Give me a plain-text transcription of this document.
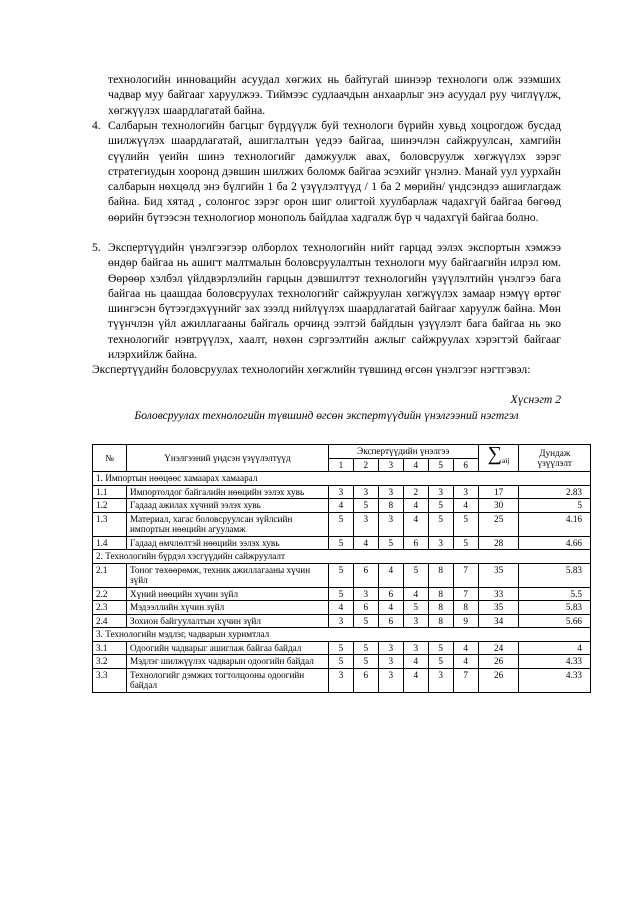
технологийн инновацийн асуудал хөгжих нь байтугай шинээр технологи олж эзэмших чадвар муу байгааг харуулжээ. Тиймээс судлаачдын анхаарлыг энэ асуудал руу чиглүүлж, хөгжүүлэх шаардлагатай байна.
4. Салбарын технологийн багцыг бүрдүүлж буй технологи бүрийн хувьд хоцрогдож бусдад шилжүүлэх шаардлагатай, ашиглалтын үедээ байгаа, шинэчлэн сайжруулсан, хамгийн сүүлийн үеийн шинэ технологийг дамжуулж авах, боловсруулж хөгжүүлэх зэрэг стратегиудын хооронд дэвшин шилжих боломж байгаа эсэхийг үнэлнэ. Манай уул уурхайн салбарын нөхцөлд энэ бүлгийн 1 ба 2 үзүүлэлтүүд / 1 ба 2 мөрийн/ үндсэндээ ашиглагдаж байна. Бид хятад , солонгос зэрэг орон шиг олигтой хуулбарлаж чадахгүй байгаа бөгөөд өөрийн бүтээсэн технологиор монополь байдлаа хадгалж бүр ч чадахгүй байгаа болно.
5. Экспертүүдийн үнэлгээгээр олборлох технологийн нийт гарцад ээлэх экспортын хэмжээ өндөр байгаа нь ашигт малтмалын боловсруулалтын технологи муу байгаагийн илрэл юм. Өөрөөр хэлбэл үйлдвэрлэлийн гарцын дэвшилтэт технологийн үзүүлэлтийн үнэлгээ бага байгаа нь цаашдаа боловсруулах технологийг сайжруулан хөгжүүлэх замаар нэмүү өртөг шингэсэн бүтээгдэхүүнийг зах зээлд нийлүүлэх шаардлагатай байгааг харуулж байна. Мөн түүнчлэн үйл ажиллагааны байгаль орчинд ээлтэй байдлын үзүүлэлт бага байгаа нь эко технологийг нэвтрүүлэх, хаалт, нөхөн сэргээлтийн ажлыг сайжруулах хэрэгтэй байгааг илэрхийлж байна.
Экспертүүдийн боловсруулах технологийн хөгжлийн түвшинд өгсөн үнэлгээг нэгтгэвэл:
Хүснэгт 2
Боловсруулах технологийн түвшинд өгсөн экспертүүдийн үнэлгээний нэгтгэл
№	Үнэлгээний үндсэн үзүүлэлтүүд	Экспертүүдийн үнэлгээ						$\sum_{aij}$	Дундаж үзүүлэлт
		1	2	3	4	5	6		
1. Импортын нөөцөөс хамаарах хамаарал									
1.1	Импортолдог байгалийн нөөцийн ээлэх хувь	3	3	3	2	3	3	17	2.83
1.2	Гадаад ажилах хүчний ээлэх хувь	4	5	8	4	5	4	30	5
1.3	Материал, хагас боловсруулсан зүйлсийн импортын нөөцийн агууламж	5	3	3	4	5	5	25	4.16
1.4	Гадаад өмчлөлтэй нөөцийн ээлэх хувь	5	4	5	6	3	5	28	4.66
2. Технологийн бүрдэл хэсгүүдийн сайжруулалт									
2.1	Тоног төхөөрөмж, техник ажиллагааны хүчин зүйл	5	6	4	5	8	7	35	5.83
2.2	Хүний нөөцийн хүчин зүйл	5	3	6	4	8	7	33	5.5
2.3	Мэдээллийн хүчин зүйл	4	6	4	5	8	8	35	5.83
2.4	Зохион байгуулалтын хүчин зүйл	3	5	6	3	8	9	34	5.66
3. Технологийн мэдлэг, чадварын хуримтлал									
3.1	Одоогийн чадварыг ашиглаж байгаа байдал	5	5	3	3	5	4	24	4
3.2	Мэдлэг шилжүүлэх чадварын одоогийн байдал	5	5	3	4	5	4	26	4.33
3.3	Технологийг дэмжих тогтолцооны одоогийн байдал	3	6	3	4	3	7	26	4.33
